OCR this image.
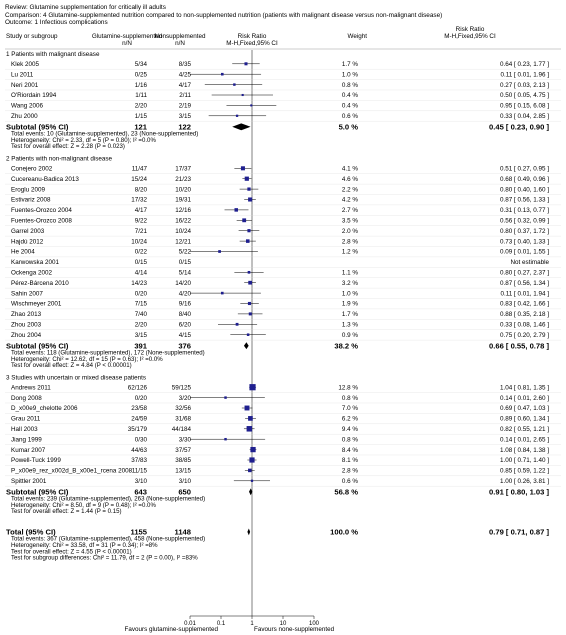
Review: Glutamine supplementation for critically ill adults
Comparison: 4 Glutamine-supplemented nutrition compared to non-supplemented nutrition (patients with malignant disease versus non-malignant disease)
Outcome: 1 Infectious complications
Study or subgroup	Glutamine-supplemented
n/N
Nonsupplemented
n/N
Risk Ratio
M-H,Fixed,95% CI
Weight
Risk Ratio
M-H,Fixed,95% CI
1 Patients with malignant disease
Klek 2005	5/34	8/35	1.7 %	0.64 [ 0.23, 1.77 ]
Lu 2011	0/25	4/25	1.0 %	0.11 [ 0.01, 1.96 ]
Neri 2001	1/16	4/17	0.8 %	0.27 [ 0.03, 2.13 ]
O'Riordain 1994	1/11	2/11	0.4 %	0.50 [ 0.05, 4.75 ]
Wang 2006	2/20	2/19	0.4 %	0.95 [ 0.15, 6.08 ]
Zhu 2000	1/15	3/15	0.6 %	0.33 [ 0.04, 2.85 ]
Subtotal (95% CI)	121	122	5.0 %	0.45 [ 0.23, 0.90 ]
Total events: 10 (Glutamine-supplemented), 23 (None-supplemented)
Heterogeneity: Chi² = 2.33, df = 5 (P = 0.80); I² =0.0%
Test for overall effect: Z = 2.28 (P = 0.023)
2 Patients with non-malignant disease
Conejero 2002	11/47	17/37	4.1 %	0.51 [ 0.27, 0.95 ]
Cucereanu-Badica 2013	15/24	21/23	4.6 %	0.68 [ 0.49, 0.96 ]
Eroglu 2009	8/20	10/20	2.2 %	0.80 [ 0.40, 1.60 ]
Estivariz 2008	17/32	19/31	4.2 %	0.87 [ 0.56, 1.33 ]
Fuentes-Orozco 2004	4/17	12/16	2.7 %	0.31 [ 0.13, 0.77 ]
Fuentes-Orozco 2008	9/22	16/22	3.5 %	0.56 [ 0.32, 0.99 ]
Garrel 2003	7/21	10/24	2.0 %	0.80 [ 0.37, 1.72 ]
Hajdú 2012	10/24	12/21	2.8 %	0.73 [ 0.40, 1.33 ]
He 2004	0/22	5/22	1.2 %	0.09 [ 0.01, 1.55 ]
Karwowska 2001	0/15	0/15	Not estimable
Ockenga 2002	4/14	5/14	1.1 %	0.80 [ 0.27, 2.37 ]
Pérez-Bárcena 2010	14/23	14/20	3.2 %	0.87 [ 0.56, 1.34 ]
Sahin 2007	0/20	4/20	1.0 %	0.11 [ 0.01, 1.94 ]
Wischmeyer 2001	7/15	9/16	1.9 %	0.83 [ 0.42, 1.66 ]
Zhao 2013	7/40	8/40	1.7 %	0.88 [ 0.35, 2.18 ]
Zhou 2003	2/20	6/20	1.3 %	0.33 [ 0.08, 1.46 ]
Zhou 2004	3/15	4/15	0.9 %	0.75 [ 0.20, 2.79 ]
Subtotal (95% CI)	391	376	38.2 %	0.66 [ 0.55, 0.78 ]
Total events: 118 (Glutamine-supplemented), 172 (None-supplemented)
Heterogeneity: Chi² = 12.62, df = 15 (P = 0.63); I² =0.0%
Test for overall effect: Z = 4.84 (P < 0.00001)
3 Studies with uncertain or mixed disease patients
Andrews 2011	62/126	59/125	12.8 %	1.04 [ 0.81, 1.35 ]
Dong 2008	0/20	3/20	0.8 %	0.14 [ 0.01, 2.60 ]
D_x00e9_chelotte 2006	23/58	32/56	7.0 %	0.69 [ 0.47, 1.03 ]
Grau 2011	24/59	31/68	6.2 %	0.89 [ 0.60, 1.34 ]
Hall 2003	35/179	44/184	9.4 %	0.82 [ 0.55, 1.21 ]
Jiang 1999	0/30	3/30	0.8 %	0.14 [ 0.01, 2.65 ]
Kumar 2007	44/63	37/57	8.4 %	1.08 [ 0.84, 1.38 ]
Powell-Tuck 1999	37/83	38/85	8.1 %	1.00 [ 0.71, 1.40 ]
P_x00e9_rez_x002d_B_x00e1_rcena 2008 11/15	13/15	2.8 %	0.85 [ 0.59, 1.22 ]
Spittler 2001	3/10	3/10	0.6 %	1.00 [ 0.26, 3.81 ]
Subtotal (95% CI)	643	650	56.8 %	0.91 [ 0.80, 1.03 ]
Total events: 239 (Glutamine-supplemented), 263 (None-supplemented)
Heterogeneity: Chi² = 8.50, df = 9 (P = 0.48); I² =0.0%
Test for overall effect: Z = 1.44 (P = 0.15)
Total (95% CI)	1155	1148	100.0 %	0.79 [ 0.71, 0.87 ]
Total events: 367 (Glutamine-supplemented), 458 (None-supplemented)
Heterogeneity: Chi² = 33.58, df = 31 (P = 0.34); I² =8%
Test for overall effect: Z = 4.55 (P < 0.00001)
Test for subgroup differences: Chi² = 11.79, df = 2 (P = 0.00), I² =83%
0.01	0.1	1	10	100
Favours glutamine-supplemented	Favours none-supplemented
